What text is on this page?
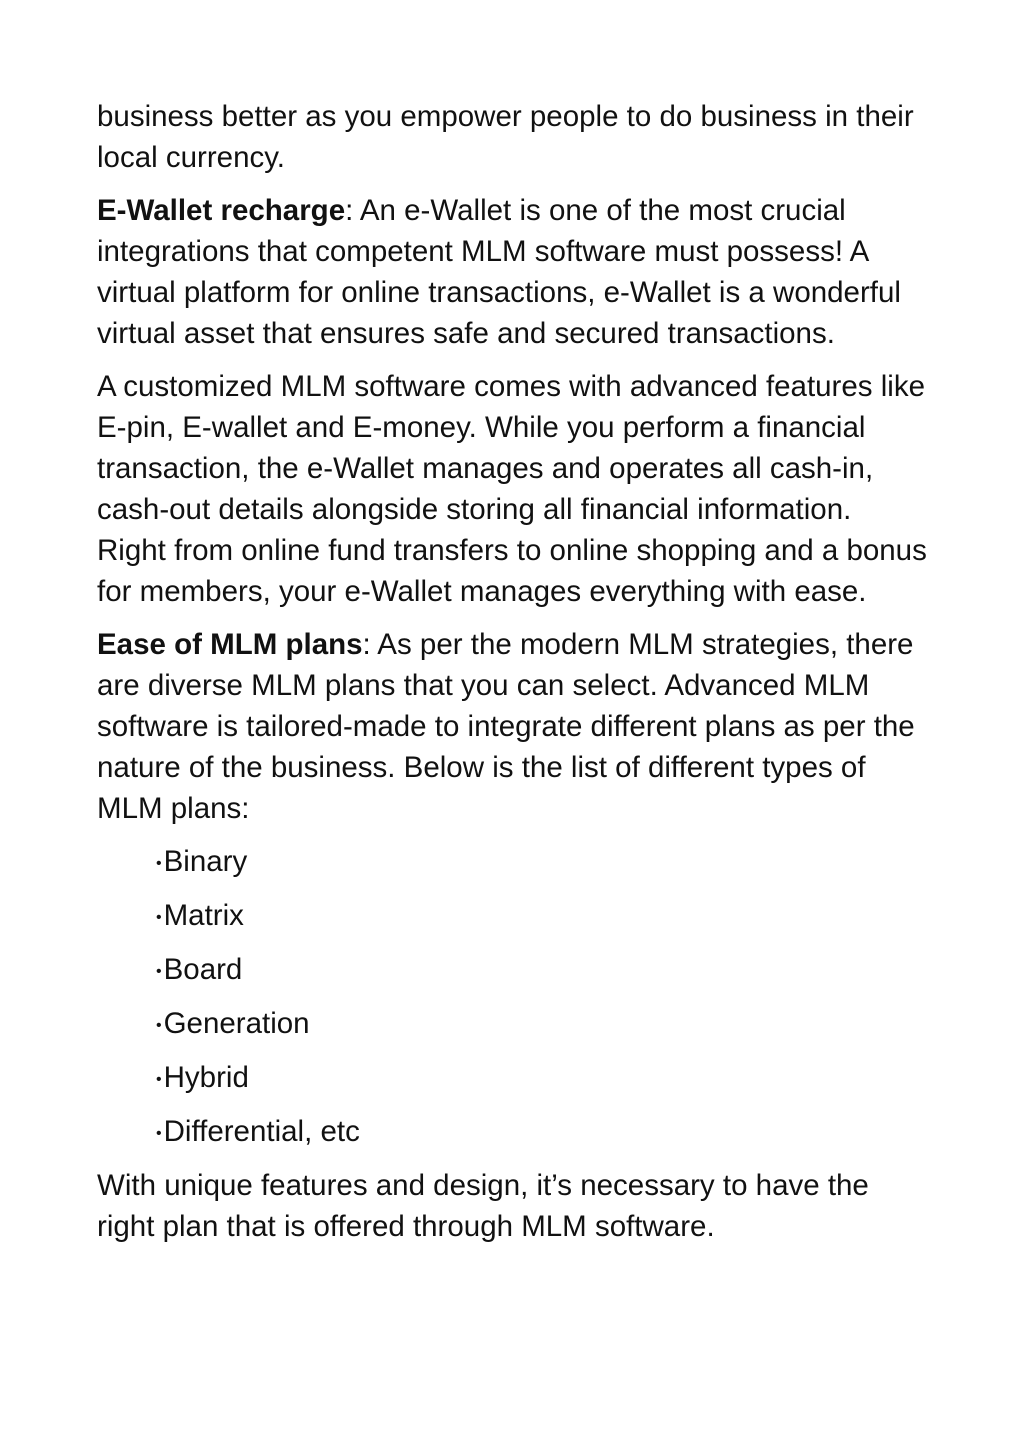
business better as you empower people to do business in their local currency.

E-Wallet recharge: An e-Wallet is one of the most crucial integrations that competent MLM software must possess! A virtual platform for online transactions, e-Wallet is a wonderful virtual asset that ensures safe and secured transactions.

A customized MLM software comes with advanced features like E-pin, E-wallet and E-money. While you perform a financial transaction, the e-Wallet manages and operates all cash-in, cash-out details alongside storing all financial information. Right from online fund transfers to online shopping and a bonus for members, your e-Wallet manages everything with ease.

Ease of MLM plans: As per the modern MLM strategies, there are diverse MLM plans that you can select. Advanced MLM software is tailored-made to integrate different plans as per the nature of the business. Below is the list of different types of MLM plans:

•Binary
•Matrix
•Board
•Generation
•Hybrid
•Differential, etc

With unique features and design, it’s necessary to have the right plan that is offered through MLM software.
